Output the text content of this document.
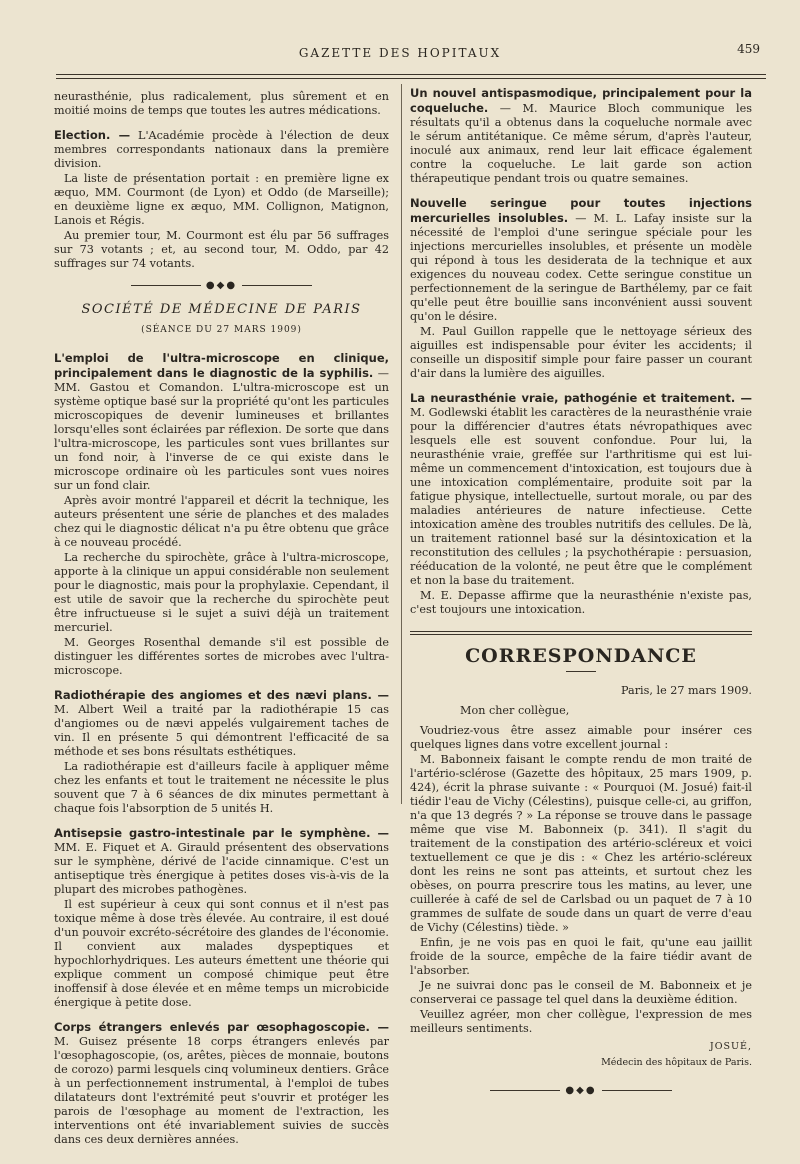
GAZETTE DES HOPITAUX	459

neurasthénie, plus radicalement, plus sûrement et en moitié moins de temps que toutes les autres médications.

Election. — L'Académie procède à l'élection de deux membres correspondants nationaux dans la première division.

La liste de présentation portait : en première ligne ex æquo, MM. Courmont (de Lyon) et Oddo (de Marseille); en deuxième ligne ex æquo, MM. Collignon, Matignon, Lanois et Régis.

Au premier tour, M. Courmont est élu par 56 suffrages sur 73 votants ; et, au second tour, M. Oddo, par 42 suffrages sur 74 votants.

●◆●
SOCIÉTÉ DE MÉDECINE DE PARIS
(SÉANCE DU 27 MARS 1909)

L'emploi de l'ultra-microscope en clinique, principalement dans le diagnostic de la syphilis. — MM. Gastou et Comandon. L'ultra-microscope est un système optique basé sur la propriété qu'ont les particules microscopiques de devenir lumineuses et brillantes lorsqu'elles sont éclairées par réflexion. De sorte que dans l'ultra-microscope, les particules sont vues brillantes sur un fond noir, à l'inverse de ce qui existe dans le microscope ordinaire où les particules sont vues noires sur un fond clair.

Après avoir montré l'appareil et décrit la technique, les auteurs présentent une série de planches et des malades chez qui le diagnostic délicat n'a pu être obtenu que grâce à ce nouveau procédé.

La recherche du spirochète, grâce à l'ultra-microscope, apporte à la clinique un appui considérable non seulement pour le diagnostic, mais pour la prophylaxie. Cependant, il est utile de savoir que la recherche du spirochète peut être infructueuse si le sujet a suivi déjà un traitement mercuriel.

M. Georges Rosenthal demande s'il est possible de distinguer les différentes sortes de microbes avec l'ultra-microscope.

Radiothérapie des angiomes et des nævi plans. — M. Albert Weil a traité par la radiothérapie 15 cas d'angiomes ou de nævi appelés vulgairement taches de vin. Il en présente 5 qui démontrent l'efficacité de sa méthode et ses bons résultats esthétiques.

La radiothérapie est d'ailleurs facile à appliquer même chez les enfants et tout le traitement ne nécessite le plus souvent que 7 à 6 séances de dix minutes permettant à chaque fois l'absorption de 5 unités H.

Antisepsie gastro-intestinale par le symphène. — MM. E. Fiquet et A. Girauld présentent des observations sur le symphène, dérivé de l'acide cinnamique. C'est un antiseptique très énergique à petites doses vis-à-vis de la plupart des microbes pathogènes.

Il est supérieur à ceux qui sont connus et il n'est pas toxique même à dose très élevée. Au contraire, il est doué d'un pouvoir excréto-sécrétoire des glandes de l'économie. Il convient aux malades dyspeptiques et hypochlorhydriques. Les auteurs émettent une théorie qui explique comment un composé chimique peut être inoffensif à dose élevée et en même temps un microbicide énergique à petite dose.

Corps étrangers enlevés par œsophagoscopie. — M. Guisez présente 18 corps étrangers enlevés par l'œsophagoscopie, (os, arêtes, pièces de monnaie, boutons de corozo) parmi lesquels cinq volumineux dentiers. Grâce à un perfectionnement instrumental, à l'emploi de tubes dilatateurs dont l'extrémité peut s'ouvrir et protéger les parois de l'œsophage au moment de l'extraction, les interventions ont été invariablement suivies de succès dans ces deux dernières années.

Un nouvel antispasmodique, principalement pour la coqueluche. — M. Maurice Bloch communique les résultats qu'il a obtenus dans la coqueluche normale avec le sérum antitétanique. Ce même sérum, d'après l'auteur, inoculé aux animaux, rend leur lait efficace également contre la coqueluche. Le lait garde son action thérapeutique pendant trois ou quatre semaines.

Nouvelle seringue pour toutes injections mercurielles insolubles. — M. L. Lafay insiste sur la nécessité de l'emploi d'une seringue spéciale pour les injections mercurielles insolubles, et présente un modèle qui répond à tous les desiderata de la technique et aux exigences du nouveau codex. Cette seringue constitue un perfectionnement de la seringue de Barthélemy, par ce fait qu'elle peut être bouillie sans inconvénient aussi souvent qu'on le désire.

M. Paul Guillon rappelle que le nettoyage sérieux des aiguilles est indispensable pour éviter les accidents; il conseille un dispositif simple pour faire passer un courant d'air dans la lumière des aiguilles.

La neurasthénie vraie, pathogénie et traitement. — M. Godlewski établit les caractères de la neurasthénie vraie pour la différencier d'autres états névropathiques avec lesquels elle est souvent confondue. Pour lui, la neurasthénie vraie, greffée sur l'arthritisme qui est lui-même un commencement d'intoxication, est toujours due à une intoxication complémentaire, produite soit par la fatigue physique, intellectuelle, surtout morale, ou par des maladies antérieures de nature infectieuse. Cette intoxication amène des troubles nutritifs des cellules. De là, un traitement rationnel basé sur la désintoxication et la reconstitution des cellules ; la psychothérapie : persuasion, rééducation de la volonté, ne peut être que le complément et non la base du traitement.

M. E. Depasse affirme que la neurasthénie n'existe pas, c'est toujours une intoxication.

CORRESPONDANCE

Paris, le 27 mars 1909.

Mon cher collègue,

Voudriez-vous être assez aimable pour insérer ces quelques lignes dans votre excellent journal :

M. Babonneix faisant le compte rendu de mon traité de l'artério-sclérose (Gazette des hôpitaux, 25 mars 1909, p. 424), écrit la phrase suivante : « Pourquoi (M. Josué) fait-il tiédir l'eau de Vichy (Célestins), puisque celle-ci, au griffon, n'a que 13 degrés ? » La réponse se trouve dans le passage même que vise M. Babonneix (p. 341). Il s'agit du traitement de la constipation des artério-scléreux et voici textuellement ce que je dis : « Chez les artério-scléreux dont les reins ne sont pas atteints, et surtout chez les obèses, on pourra prescrire tous les matins, au lever, une cuillerée à café de sel de Carlsbad ou un paquet de 7 à 10 grammes de sulfate de soude dans un quart de verre d'eau de Vichy (Célestins) tiède. »

Enfin, je ne vois pas en quoi le fait, qu'une eau jaillit froide de la source, empêche de la faire tiédir avant de l'absorber.

Je ne suivrai donc pas le conseil de M. Babonneix et je conserverai ce passage tel quel dans la deuxième édition.

Veuillez agréer, mon cher collègue, l'expression de mes meilleurs sentiments.

JOSUÉ,
Médecin des hôpitaux de Paris.
●◆●
